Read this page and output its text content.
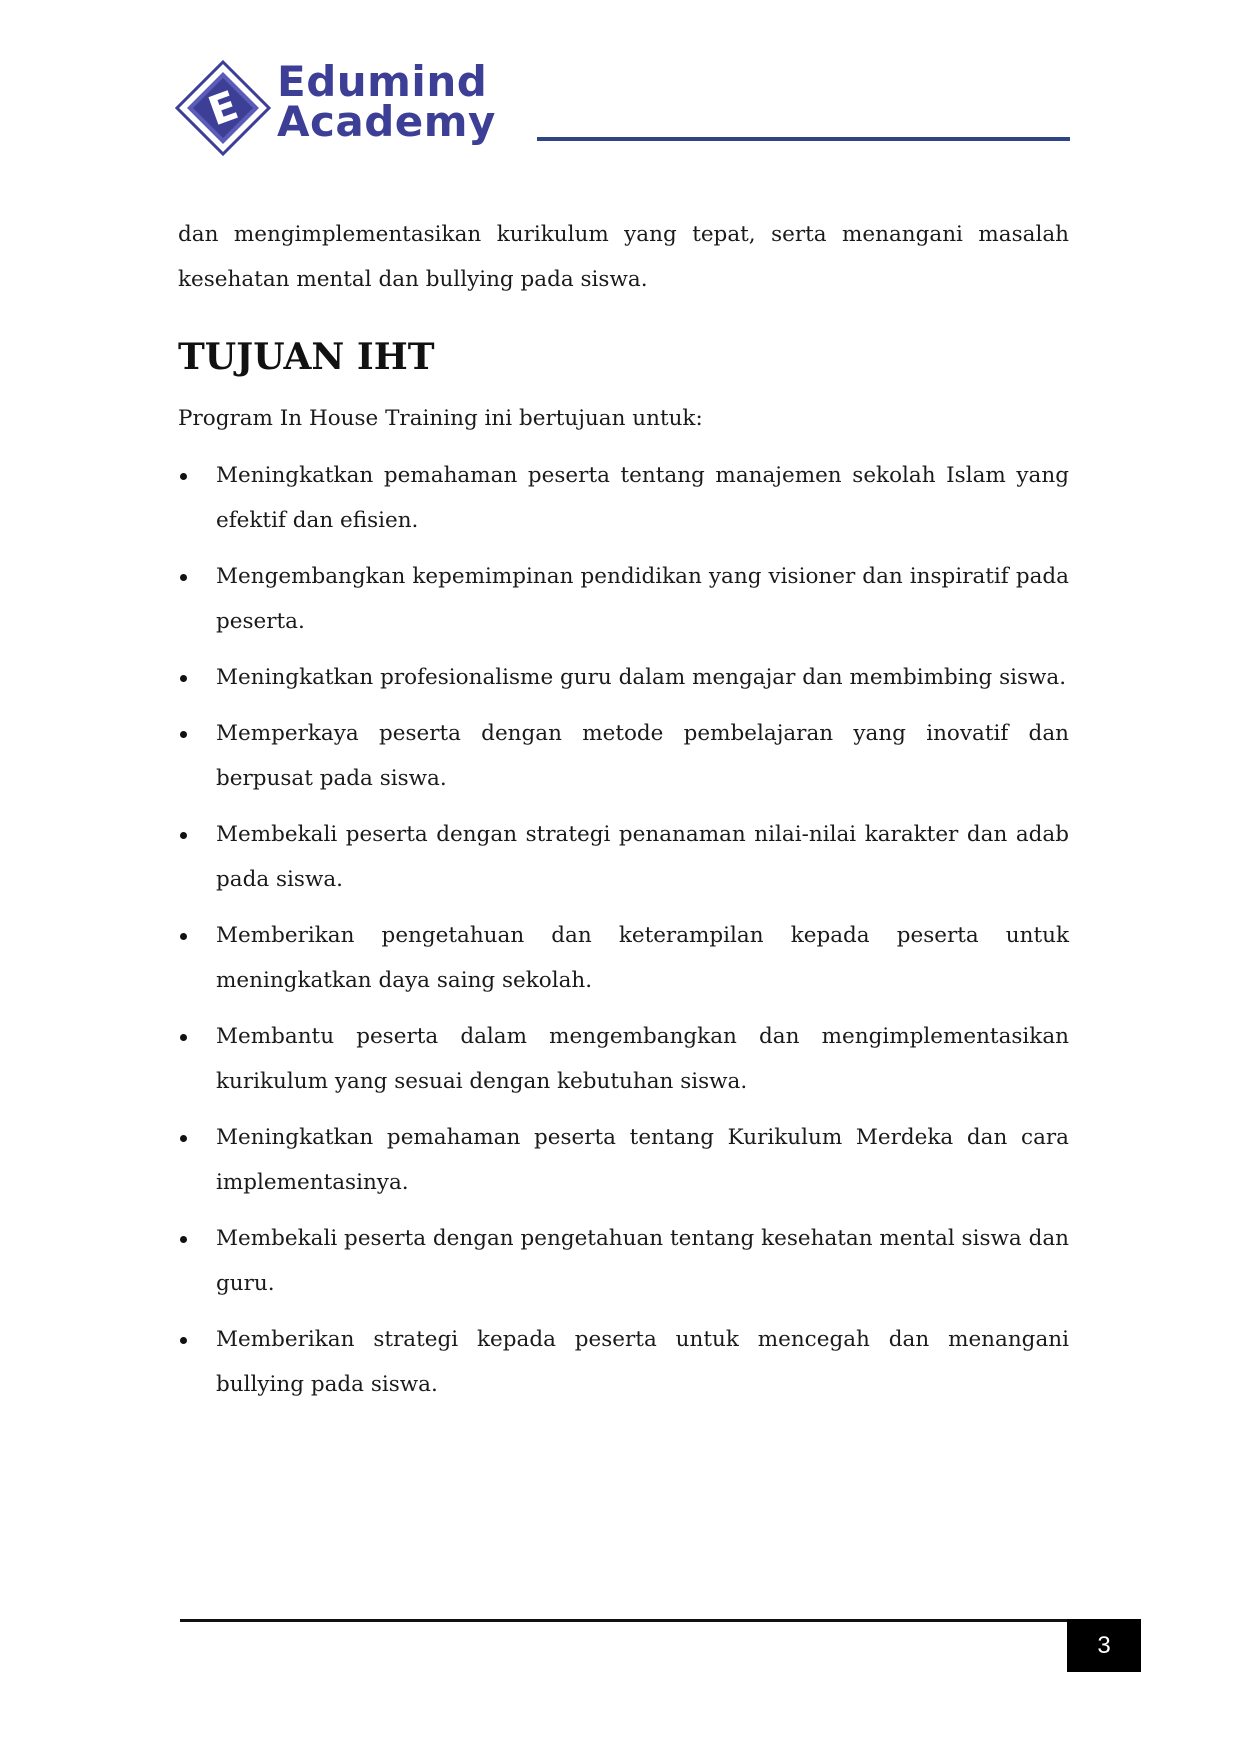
E
Edumind
Academy

dan mengimplementasikan kurikulum yang tepat, serta menangani masalah kesehatan mental dan bullying pada siswa.

TUJUAN IHT

Program In House Training ini bertujuan untuk:

Meningkatkan pemahaman peserta tentang manajemen sekolah Islam yang efektif dan efisien.
Mengembangkan kepemimpinan pendidikan yang visioner dan inspiratif pada peserta.
Meningkatkan profesionalisme guru dalam mengajar dan membimbing siswa.
Memperkaya peserta dengan metode pembelajaran yang inovatif dan berpusat pada siswa.
Membekali peserta dengan strategi penanaman nilai-nilai karakter dan adab pada siswa.
Memberikan pengetahuan dan keterampilan kepada peserta untuk meningkatkan daya saing sekolah.
Membantu peserta dalam mengembangkan dan mengimplementasikan kurikulum yang sesuai dengan kebutuhan siswa.
Meningkatkan pemahaman peserta tentang Kurikulum Merdeka dan cara implementasinya.
Membekali peserta dengan pengetahuan tentang kesehatan mental siswa dan guru.
Memberikan strategi kepada peserta untuk mencegah dan menangani bullying pada siswa.
3
